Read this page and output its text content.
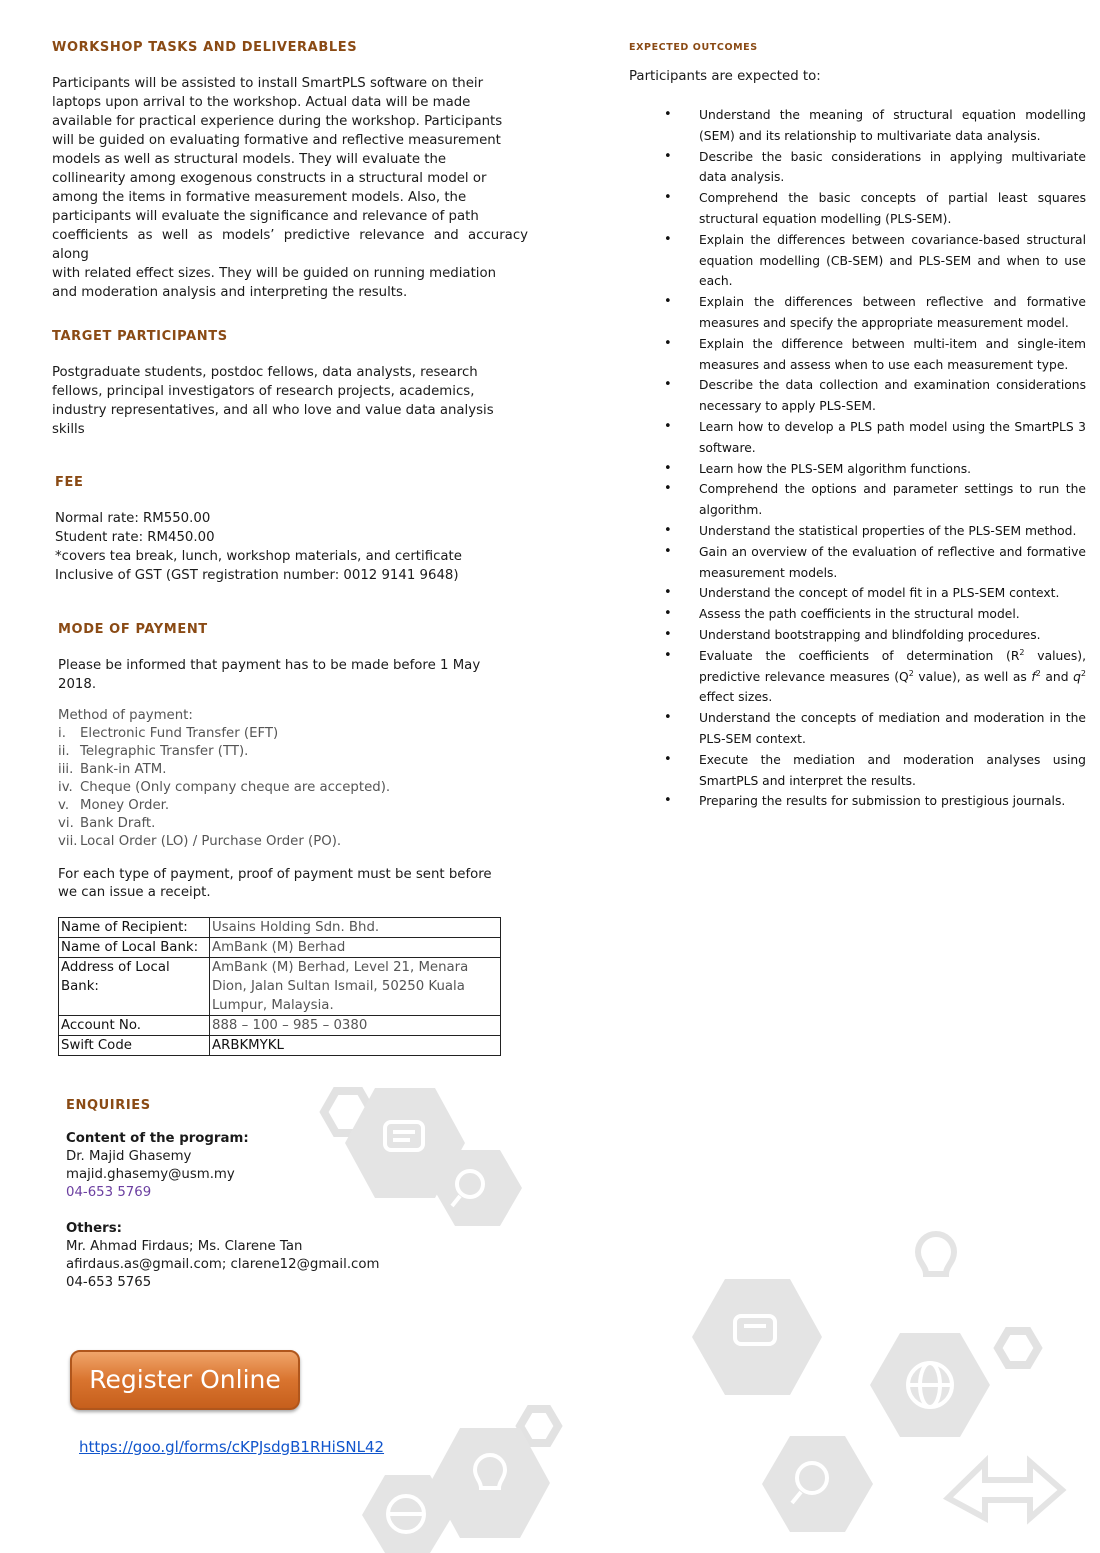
WORKSHOP TASKS AND DELIVERABLES
Participants will be assisted to install SmartPLS software on their
laptops upon arrival to the workshop. Actual data will be made
available for practical experience during the workshop. Participants
will be guided on evaluating formative and reflective measurement
models as well as structural models. They will evaluate the
collinearity among exogenous constructs in a structural model or
among the items in formative measurement models. Also, the
participants will evaluate the significance and relevance of path
coefficients as well as models’ predictive relevance and accuracy along
with related effect sizes. They will be guided on running mediation
and moderation analysis and interpreting the results.
TARGET PARTICIPANTS
Postgraduate students, postdoc fellows, data analysts, research
fellows, principal investigators of research projects, academics,
industry representatives, and all who love and value data analysis
skills
FEE
Normal rate: RM550.00
Student rate: RM450.00
*covers tea break, lunch, workshop materials, and certificate
Inclusive of GST (GST registration number: 0012 9141 9648)
MODE OF PAYMENT
Please be informed that payment has to be made before 1 May
2018.
Method of payment:
i. Electronic Fund Transfer (EFT)
ii. Telegraphic Transfer (TT).
iii. Bank-in ATM.
iv. Cheque (Only company cheque are accepted).
v. Money Order.
vi. Bank Draft.
vii. Local Order (LO) / Purchase Order (PO).
For each type of payment, proof of payment must be sent before
we can issue a receipt.
Name of Recipient:	Usains Holding Sdn. Bhd.
Name of Local Bank:	AmBank (M) Berhad

Address of Local
Bank:	AmBank (M) Berhad, Level 21, Menara
Dion, Jalan Sultan Ismail, 50250 Kuala
Lumpur, Malaysia.

Account No.	888 – 100 – 985 – 0380
Swift Code	ARBKMYKL
ENQUIRIES
Content of the program:
Dr. Majid Ghasemy
majid.ghasemy@usm.my
04-653 5769
Others:
Mr. Ahmad Firdaus; Ms. Clarene Tan
afirdaus.as@gmail.com; clarene12@gmail.com
04-653 5765
Register Online
https://goo.gl/forms/cKPJsdgB1RHiSNL42
EXPECTED OUTCOMES

Participants are expected to:

• Understand the meaning of structural equation modelling (SEM) and its relationship to multivariate data analysis.
• Describe the basic considerations in applying multivariate data analysis.
• Comprehend the basic concepts of partial least squares structural equation modelling (PLS-SEM).
• Explain the differences between covariance-based structural equation modelling (CB-SEM) and PLS-SEM and when to use each.
• Explain the differences between reflective and formative measures and specify the appropriate measurement model.
• Explain the difference between multi-item and single-item measures and assess when to use each measurement type.
• Describe the data collection and examination considerations necessary to apply PLS-SEM.
• Learn how to develop a PLS path model using the SmartPLS 3 software.
• Learn how the PLS-SEM algorithm functions.
• Comprehend the options and parameter settings to run the algorithm.
• Understand the statistical properties of the PLS-SEM method.
• Gain an overview of the evaluation of reflective and formative measurement models.
• Understand the concept of model fit in a PLS-SEM context.
• Assess the path coefficients in the structural model.
• Understand bootstrapping and blindfolding procedures.
• Evaluate the coefficients of determination ($R^2$ values), predictive relevance measures ($Q^2$ value), as well as $f^2$ and $q^2$ effect sizes.
• Understand the concepts of mediation and moderation in the PLS-SEM context.
• Execute the mediation and moderation analyses using SmartPLS and interpret the results.
• Preparing the results for submission to prestigious journals.
